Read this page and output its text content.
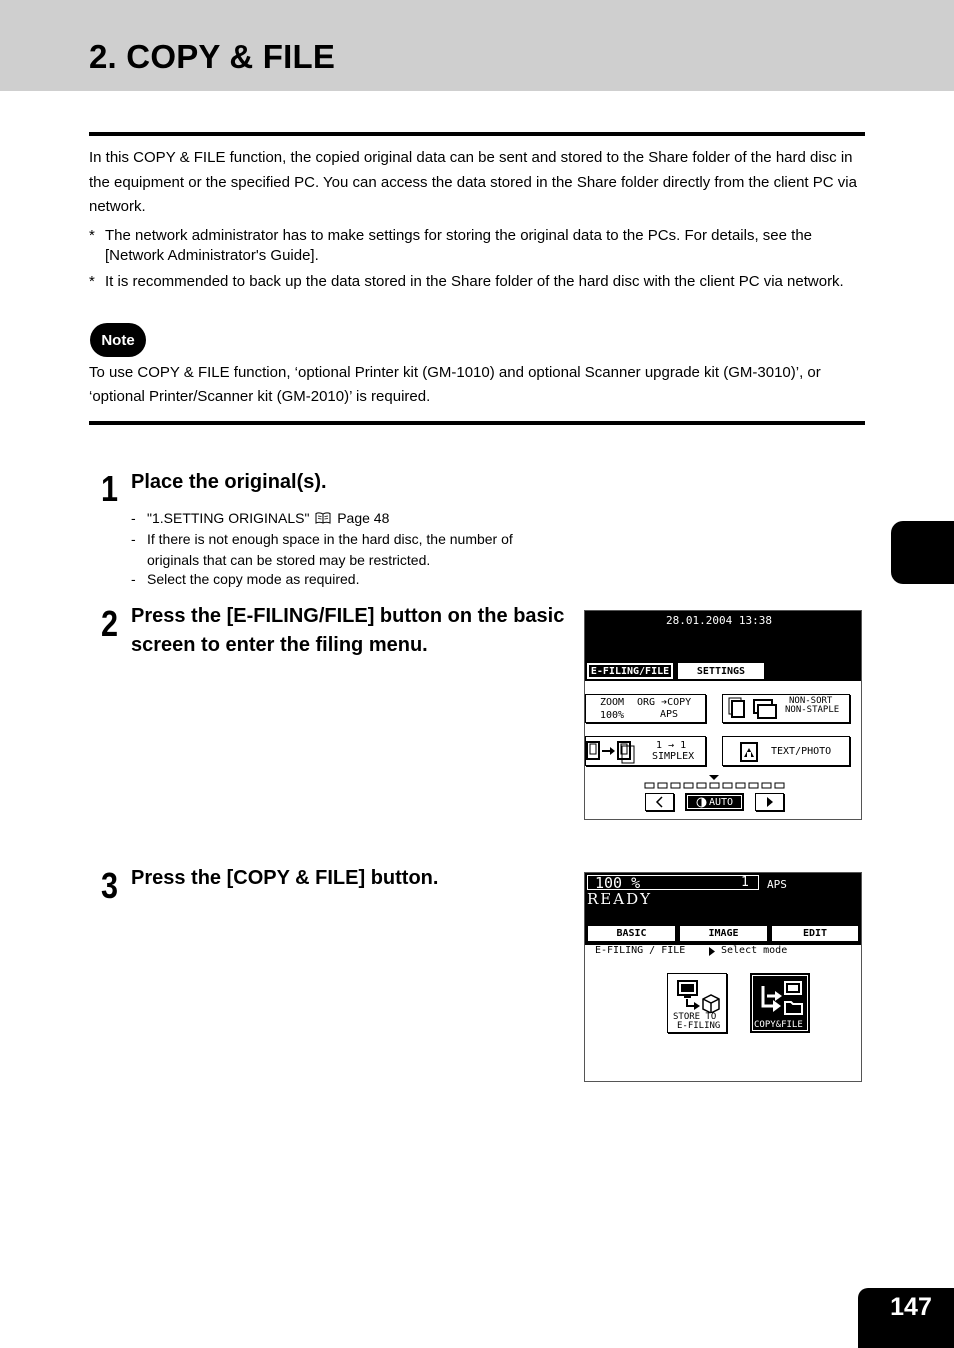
2. COPY & FILE

In this COPY & FILE function, the copied original data can be sent and stored to the Share folder of the hard disc in the equipment or the specified PC. You can access the data stored in the Share folder directly from the client PC via network.

* The network administrator has to make settings for storing the original data to the PCs. For details, see the [Network Administrator's Guide].
* It is recommended to back up the data stored in the Share folder of the hard disc with the client PC via network.
Note

To use COPY & FILE function, ‘optional Printer kit (GM-1010) and optional Scanner upgrade kit (GM-3010)’, or ‘optional Printer/Scanner kit (GM-2010)’ is required.

1 Place the original(s).
- "1.SETTING ORIGINALS" Page 48
- If there is not enough space in the hard disc, the number of originals that can be stored may be restricted.
- Select the copy mode as required.
2 Press the [E-FILING/FILE] button on the basic screen to enter the filing menu.
28.01.2004 13:38
E-FILING/FILE	SETTINGS
ZOOM
100%
ORG ➔COPY
APS
NON-SORT
NON-STAPLE
1 → 1
SIMPLEX	TEXT/PHOTO
AUTO
3 Press the [COPY & FILE] button.	100 %	1 APS
READY
BASIC	IMAGE	EDIT
E-FILING / FILE	Select mode
STORE TO
E-FILING	COPY&FILE
147
